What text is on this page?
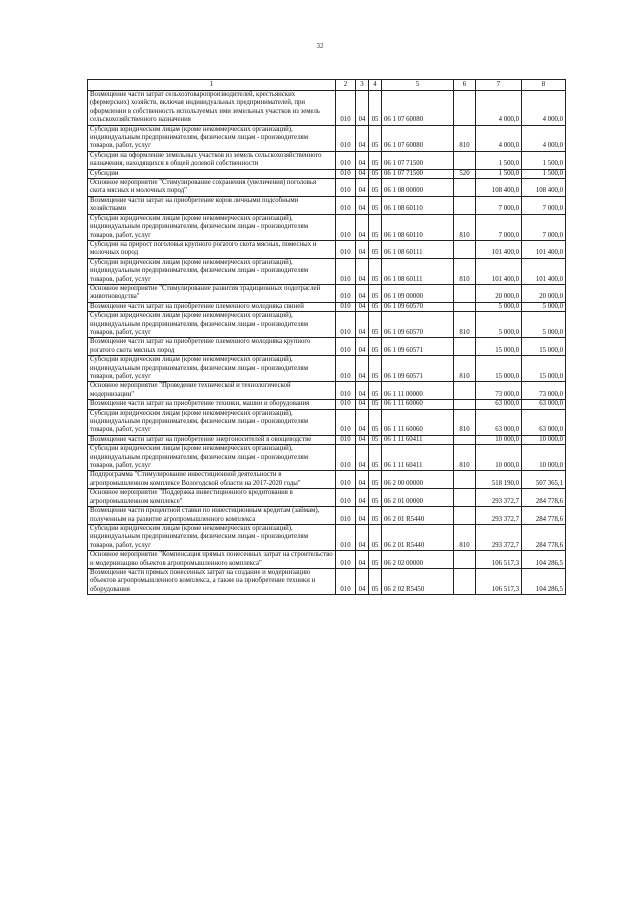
32
1	2	3	4	5	6	7	8
Возмещение части затрат сельхозтоваропроизводителей, крестьянских (фермерских) хозяйств, включая индивидуальных предпринимателей, при оформлении в собственность используемых ими земельных участков из земель сельскохозяйственного назначения	010	04	05	06 1 07 60080		4 000,0	4 000,0
Субсидии юридическим лицам (кроме некоммерческих организаций), индивидуальным предпринимателям, физическим лицам - производителям товаров, работ, услуг	010	04	05	06 1 07 60080	810	4 000,0	4 000,0
Субсидии на оформление земельных участков из земель сельскохозяйственного назначения, находящихся в общей долевой собственности	010	04	05	06 1 07 71500		1 500,0	1 500,0
Субсидии	010	04	05	06 1 07 71500	520	1 500,0	1 500,0
Основное мероприятие "Стимулирование сохранения (увеличения) поголовья скота мясных и молочных пород"	010	04	05	06 1 08 00000		108 400,0	108 400,0
Возмещение части затрат на приобретение коров личными подсобными хозяйствами	010	04	05	06 1 08 60110		7 000,0	7 000,0
Субсидии юридическим лицам (кроме некоммерческих организаций), индивидуальным предпринимателям, физическим лицам - производителям товаров, работ, услуг	010	04	05	06 1 08 60110	810	7 000,0	7 000,0
Субсидии на прирост поголовья крупного рогатого скота мясных, помесных и молочных пород	010	04	05	06 1 08 60111		101 400,0	101 400,0
Субсидии юридическим лицам (кроме некоммерческих организаций), индивидуальным предпринимателям, физическим лицам - производителям товаров, работ, услуг	010	04	05	06 1 08 60111	810	101 400,0	101 400,0
Основное мероприятие "Стимулирование развития традиционных подотраслей животноводства"	010	04	05	06 1 09 00000		20 000,0	20 000,0
Возмещение части затрат на приобретение племенного молодняка свиней	010	04	05	06 1 09 60570		5 000,0	5 000,0
Субсидии юридическим лицам (кроме некоммерческих организаций), индивидуальным предпринимателям, физическим лицам - производителям товаров, работ, услуг	010	04	05	06 1 09 60570	810	5 000,0	5 000,0
Возмещение части затрат на приобретение племенного молодняка крупного рогатого скота мясных пород	010	04	05	06 1 09 60571		15 000,0	15 000,0
Субсидии юридическим лицам (кроме некоммерческих организаций), индивидуальным предпринимателям, физическим лицам - производителям товаров, работ, услуг	010	04	05	06 1 09 60571	810	15 000,0	15 000,0
Основное мероприятие "Проведение технической и технологической модернизации"	010	04	05	06 1 11 00000		73 000,0	73 000,0
Возмещение части затрат на приобретение техники, машин и оборудования	010	04	05	06 1 11 60060		63 000,0	63 000,0
Субсидии юридическим лицам (кроме некоммерческих организаций), индивидуальным предпринимателям, физическим лицам - производителям товаров, работ, услуг	010	04	05	06 1 11 60060	810	63 000,0	63 000,0
Возмещение части затрат на приобретение энергоносителей в овощеводстве	010	04	05	06 1 11 60411		10 000,0	10 000,0
Субсидии юридическим лицам (кроме некоммерческих организаций), индивидуальным предпринимателям, физическим лицам - производителям товаров, работ, услуг	010	04	05	06 1 11 60411	810	10 000,0	10 000,0
Подпрограмма "Стимулирование инвестиционной деятельности в агропромышленном комплексе Вологодской области на 2017-2020 годы"	010	04	05	06 2 00 00000		518 190,0	507 365,1
Основное мероприятие "Поддержка инвестиционного кредитования в агропромышленном комплексе"	010	04	05	06 2 01 00000		293 372,7	284 778,6
Возмещение части процентной ставки по инвестиционным кредитам (займам), полученным на развитие агропромышленного комплекса	010	04	05	06 2 01 R5440		293 372,7	284 778,6
Субсидии юридическим лицам (кроме некоммерческих организаций), индивидуальным предпринимателям, физическим лицам - производителям товаров, работ, услуг	010	04	05	06 2 01 R5440	810	293 372,7	284 778,6
Основное мероприятие "Компенсация прямых понесенных затрат на строительство и модернизацию объектов агропромышленного комплекса"	010	04	05	06 2 02 00000		106 517,3	104 286,5
Возмещение части прямых понесенных затрат на создание и модернизацию объектов агропромышленного комплекса, а также на приобретение техники и оборудования	010	04	05	06 2 02 R5450		106 517,3	104 286,5
